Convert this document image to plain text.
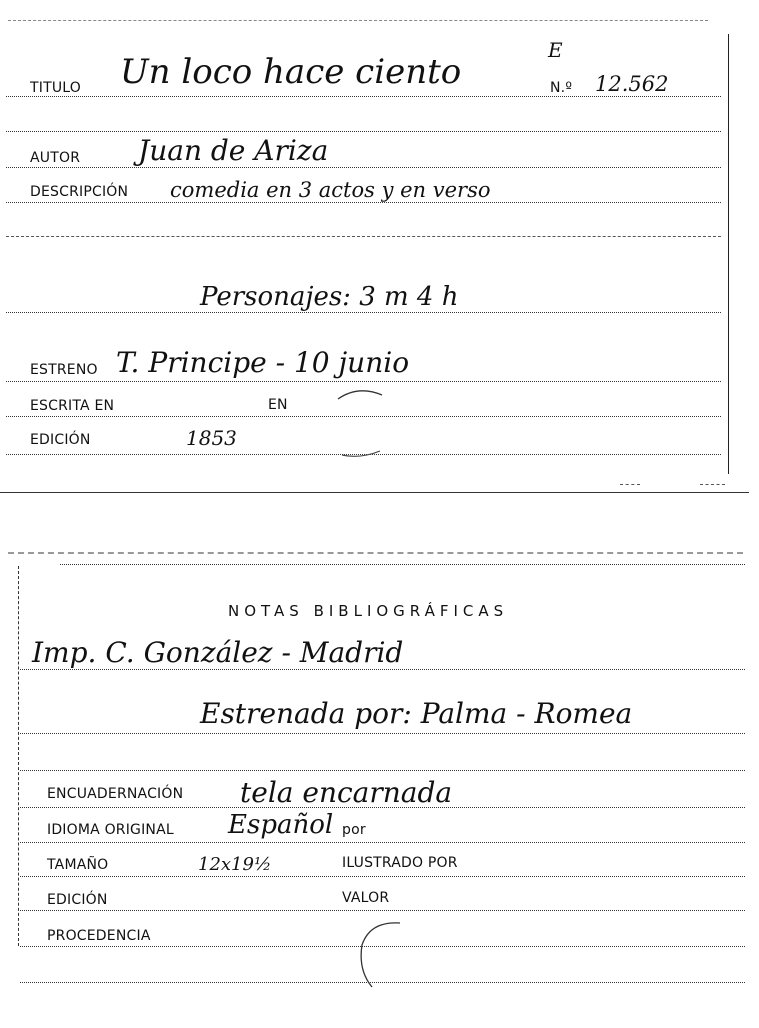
TITULO Un loco hace ciento
E
N.º 12.562
AUTOR Juan de Ariza
DESCRIPCIÓN comedia en 3 actos y en verso
Personajes: 3 m 4 h
ESTRENO T. Principe - 10 junio
ESCRITA EN	EN
EDICIÓN	1853
NOTAS BIBLIOGRÁFICAS
Imp. C. González - Madrid
Estrenada por: Palma - Romea
ENCUADERNACIÓN tela encarnada
IDIOMA ORIGINAL Español por
TAMAÑO	12x19½	ILUSTRADO POR
EDICIÓN	VALOR
PROCEDENCIA
